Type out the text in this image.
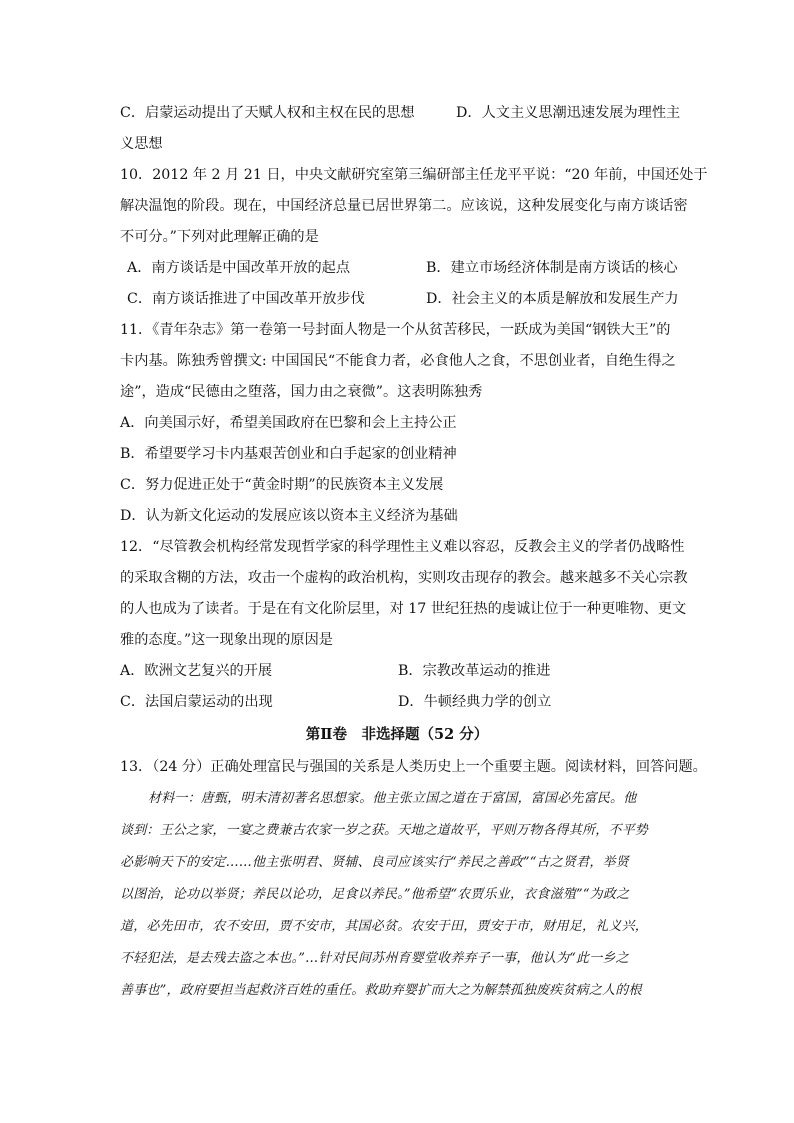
C．启蒙运动提出了天赋人权和主权在民的思想	D．人文主义思潮迅速发展为理性主
义思想
10．2012 年 2 月 21 日，中央文献研究室第三编研部主任龙平平说：“20 年前，中国还处于
解决温饱的阶段。现在，中国经济总量已居世界第二。应该说，这种发展变化与南方谈话密
不可分。”下列对此理解正确的是
A．南方谈话是中国改革开放的起点	B．建立市场经济体制是南方谈话的核心
C．南方谈话推进了中国改革开放步伐	D．社会主义的本质是解放和发展生产力
11．《青年杂志》第一卷第一号封面人物是一个从贫苦移民，一跃成为美国“钢铁大王”的
卡内基。陈独秀曾撰文: 中国国民“不能食力者，必食他人之食，不思创业者，自绝生得之
途”，造成“民德由之堕落，国力由之衰微”。这表明陈独秀
A．向美国示好，希望美国政府在巴黎和会上主持公正
B．希望要学习卡内基艰苦创业和白手起家的创业精神
C．努力促进正处于“黄金时期”的民族资本主义发展
D．认为新文化运动的发展应该以资本主义经济为基础
12．“尽管教会机构经常发现哲学家的科学理性主义难以容忍，反教会主义的学者仍战略性
的采取含糊的方法，攻击一个虚构的政治机构，实则攻击现存的教会。越来越多不关心宗教
的人也成为了读者。于是在有文化阶层里，对 17 世纪狂热的虔诚让位于一种更唯物、更文
雅的态度。”这一现象出现的原因是
A．欧洲文艺复兴的开展	B．宗教改革运动的推进
C．法国启蒙运动的出现	D．牛顿经典力学的创立
第Ⅱ卷　非选择题（52 分）
13．（24 分）正确处理富民与强国的关系是人类历史上一个重要主题。阅读材料，回答问题。
材料一：唐甄，明末清初著名思想家。他主张立国之道在于富国，富国必先富民。他
谈到：王公之家，一宴之费兼古农家一岁之获。天地之道故平，平则万物各得其所，不平势
必影响天下的安定……他主张明君、贤辅、良司应该实行“养民之善政”“古之贤君，举贤
以图治，论功以举贤；养民以论功，足食以养民。”他希望“农贾乐业，衣食滋殖”“为政之
道，必先田市，农不安田，贾不安市，其国必贫。农安于田，贾安于市，财用足，礼义兴，
不轻犯法，是去残去盗之本也。”…针对民间苏州育婴堂收养弃子一事，他认为“此一乡之
善事也”，政府要担当起救济百姓的重任。救助弃婴扩而大之为解禁孤独废疾贫病之人的根
